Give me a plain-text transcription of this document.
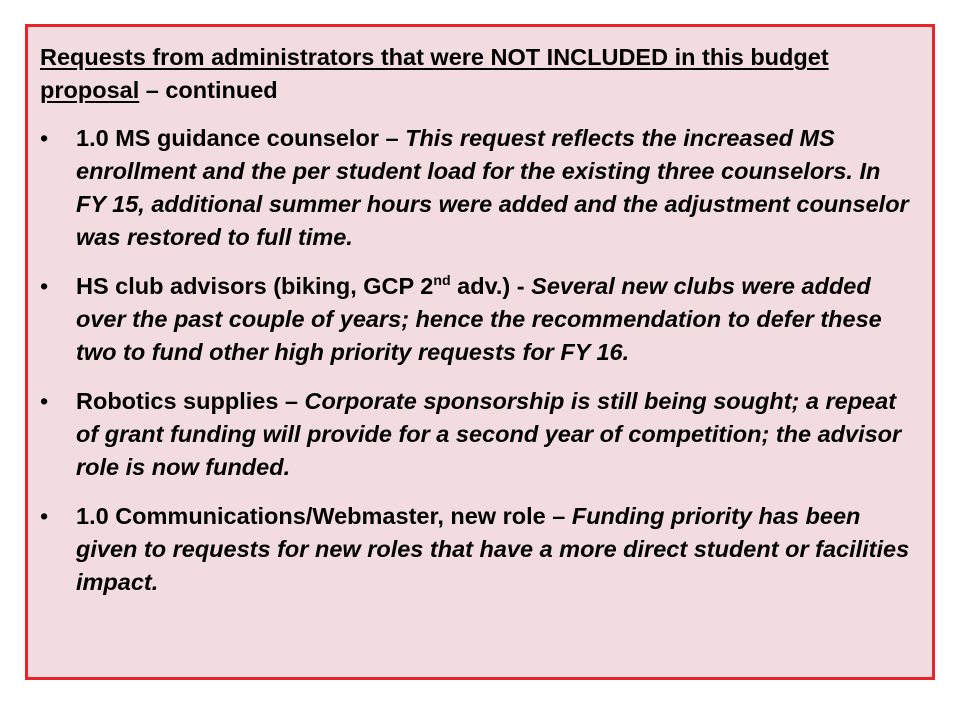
Requests from administrators that were NOT INCLUDED in this budget proposal – continued
• 1.0 MS guidance counselor – This request reflects the increased MS enrollment and the per student load for the existing three counselors. In FY 15, additional summer hours were added and the adjustment counselor was restored to full time.
• HS club advisors (biking, GCP 2nd adv.) - Several new clubs were added over the past couple of years; hence the recommendation to defer these two to fund other high priority requests for FY 16.
• Robotics supplies – Corporate sponsorship is still being sought; a repeat of grant funding will provide for a second year of competition; the advisor role is now funded.
• 1.0 Communications/Webmaster, new role – Funding priority has been given to requests for new roles that have a more direct student or facilities impact.
